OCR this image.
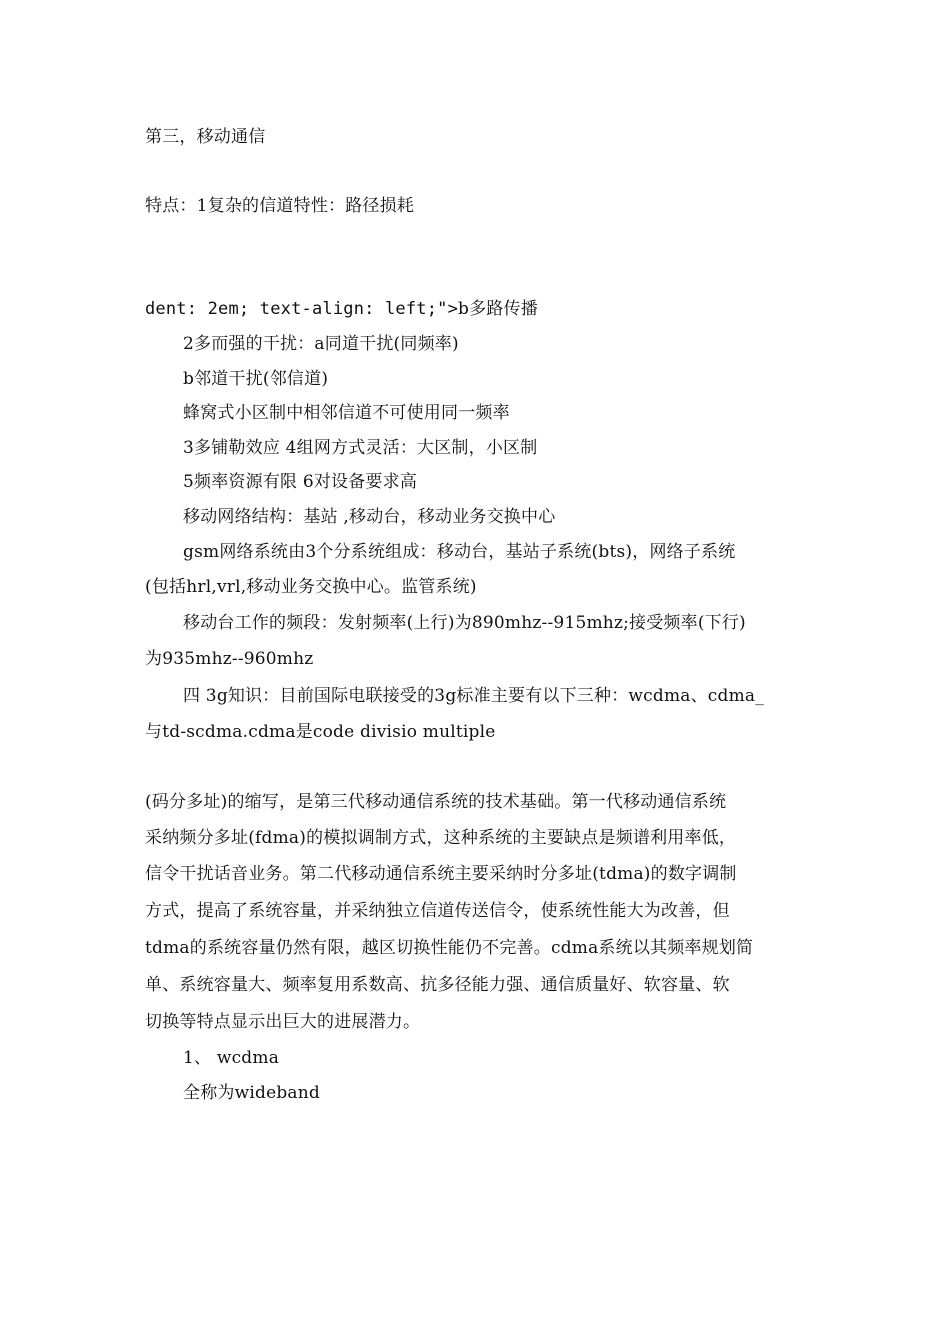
第三，移动通信
特点：1复杂的信道特性：路径损耗
dent: 2em; text-align: left;">b多路传播
2多而强的干扰：a同道干扰(同频率)
b邻道干扰(邻信道)
蜂窝式小区制中相邻信道不可使用同一频率
3多铺勒效应 4组网方式灵活：大区制，小区制
5频率资源有限 6对设备要求高
移动网络结构：基站 ,移动台，移动业务交换中心
gsm网络系统由3个分系统组成：移动台，基站子系统(bts)，网络子系统
(包括hrl,vrl,移动业务交换中心。监管系统)
移动台工作的频段：发射频率(上行)为890mhz--915mhz;接受频率(下行)
为935mhz--960mhz
四 3g知识：目前国际电联接受的3g标准主要有以下三种：wcdma、cdma_
与td-scdma.cdma是code divisio multiple
(码分多址)的缩写，是第三代移动通信系统的技术基础。第一代移动通信系统
采纳频分多址(fdma)的模拟调制方式，这种系统的主要缺点是频谱利用率低，
信令干扰话音业务。第二代移动通信系统主要采纳时分多址(tdma)的数字调制
方式，提高了系统容量，并采纳独立信道传送信令，使系统性能大为改善，但
tdma的系统容量仍然有限，越区切换性能仍不完善。cdma系统以其频率规划简
单、系统容量大、频率复用系数高、抗多径能力强、通信质量好、软容量、软
切换等特点显示出巨大的进展潜力。
1、 wcdma
全称为wideband
